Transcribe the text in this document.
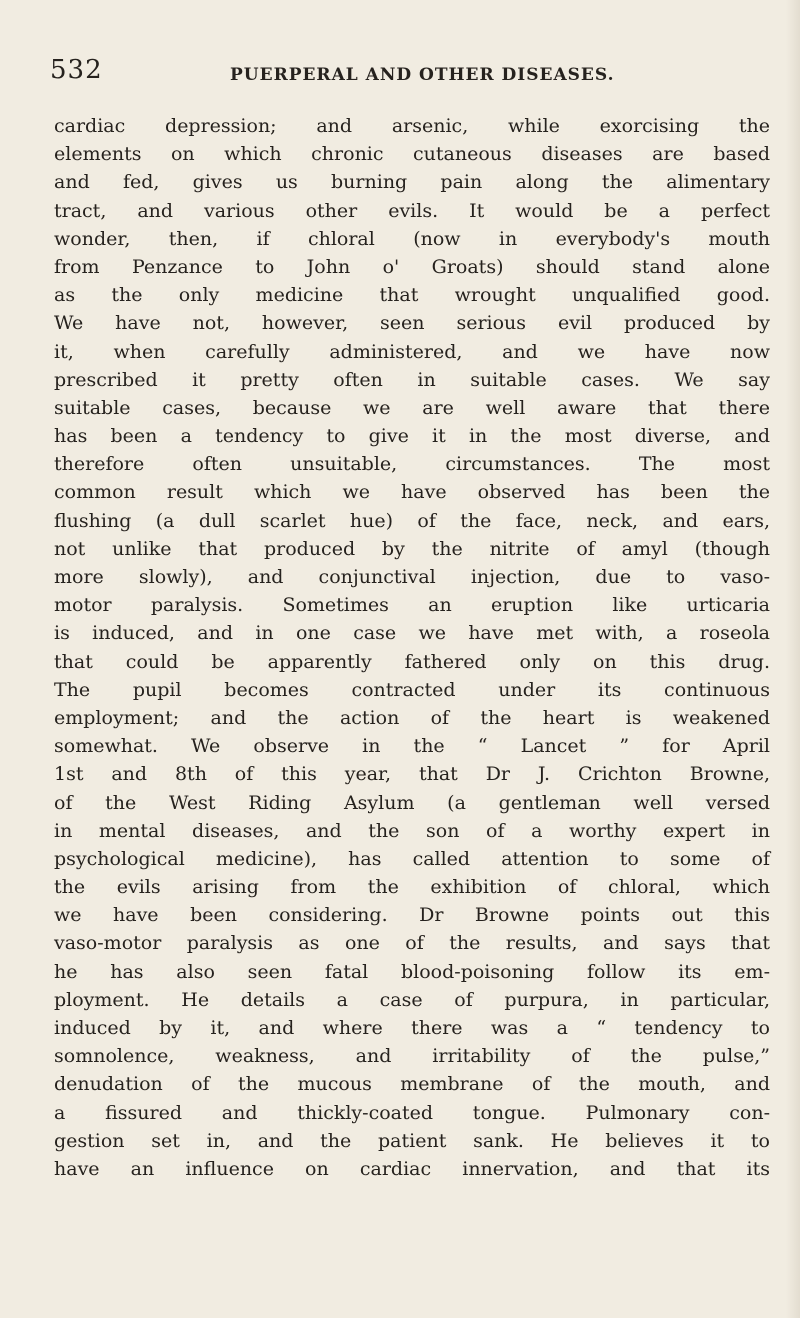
532	PUERPERAL AND OTHER DISEASES.
cardiac depression; and arsenic, while exorcising the
elements on which chronic cutaneous diseases are based
and fed, gives us burning pain along the alimentary
tract, and various other evils. It would be a perfect
wonder, then, if chloral (now in everybody's mouth
from Penzance to John o' Groats) should stand alone
as the only medicine that wrought unqualified good.
We have not, however, seen serious evil produced by
it, when carefully administered, and we have now
prescribed it pretty often in suitable cases. We say
suitable cases, because we are well aware that there
has been a tendency to give it in the most diverse, and
therefore often unsuitable, circumstances. The most
common result which we have observed has been the
flushing (a dull scarlet hue) of the face, neck, and ears,
not unlike that produced by the nitrite of amyl (though
more slowly), and conjunctival injection, due to vaso-
motor paralysis. Sometimes an eruption like urticaria
is induced, and in one case we have met with, a roseola
that could be apparently fathered only on this drug.
The pupil becomes contracted under its continuous
employment; and the action of the heart is weakened
somewhat. We observe in the “ Lancet ” for April
1st and 8th of this year, that Dr J. Crichton Browne,
of the West Riding Asylum (a gentleman well versed
in mental diseases, and the son of a worthy expert in
psychological medicine), has called attention to some of
the evils arising from the exhibition of chloral, which
we have been considering. Dr Browne points out this
vaso-motor paralysis as one of the results, and says that
he has also seen fatal blood-poisoning follow its em-
ployment. He details a case of purpura, in particular,
induced by it, and where there was a “ tendency to
somnolence, weakness, and irritability of the pulse,”
denudation of the mucous membrane of the mouth, and
a fissured and thickly-coated tongue. Pulmonary con-
gestion set in, and the patient sank. He believes it to
have an influence on cardiac innervation, and that its
